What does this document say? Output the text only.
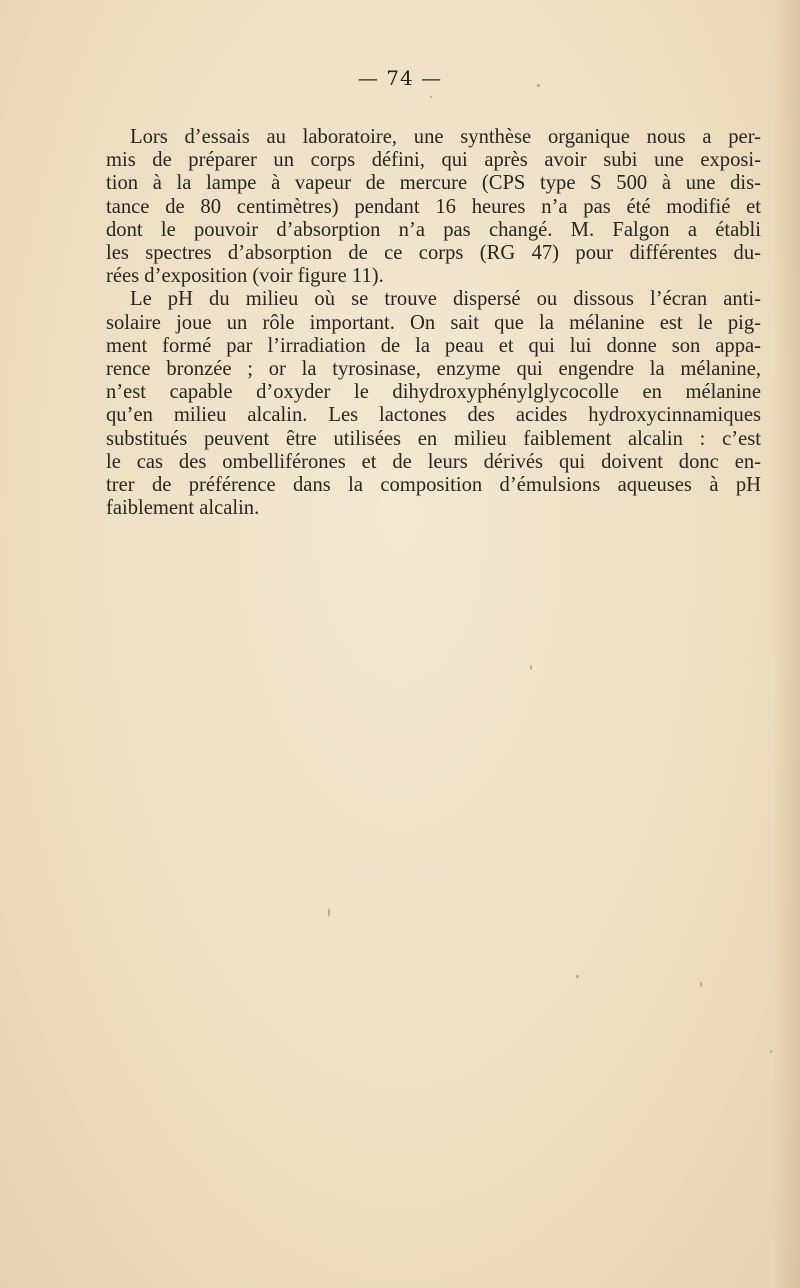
— 74 —
Lors d’essais au laboratoire, une synthèse organique nous a per-
mis de préparer un corps défini, qui après avoir subi une exposi-
tion à la lampe à vapeur de mercure (CPS type S 500 à une dis-
tance de 80 centimètres) pendant 16 heures n’a pas été modifié et
dont le pouvoir d’absorption n’a pas changé. M. Falgon a établi
les spectres d’absorption de ce corps (RG 47) pour différentes du-
rées d’exposition (voir figure 11).
Le pH du milieu où se trouve dispersé ou dissous l’écran anti-
solaire joue un rôle important. On sait que la mélanine est le pig-
ment formé par l’irradiation de la peau et qui lui donne son appa-
rence bronzée ; or la tyrosinase, enzyme qui engendre la mélanine,
n’est capable d’oxyder le dihydroxyphénylglycocolle en mélanine
qu’en milieu alcalin. Les lactones des acides hydroxycinnamiques
substitués peuvent être utilisées en milieu faiblement alcalin : c’est
le cas des ombelliférones et de leurs dérivés qui doivent donc en-
trer de préférence dans la composition d’émulsions aqueuses à pH
faiblement alcalin.
